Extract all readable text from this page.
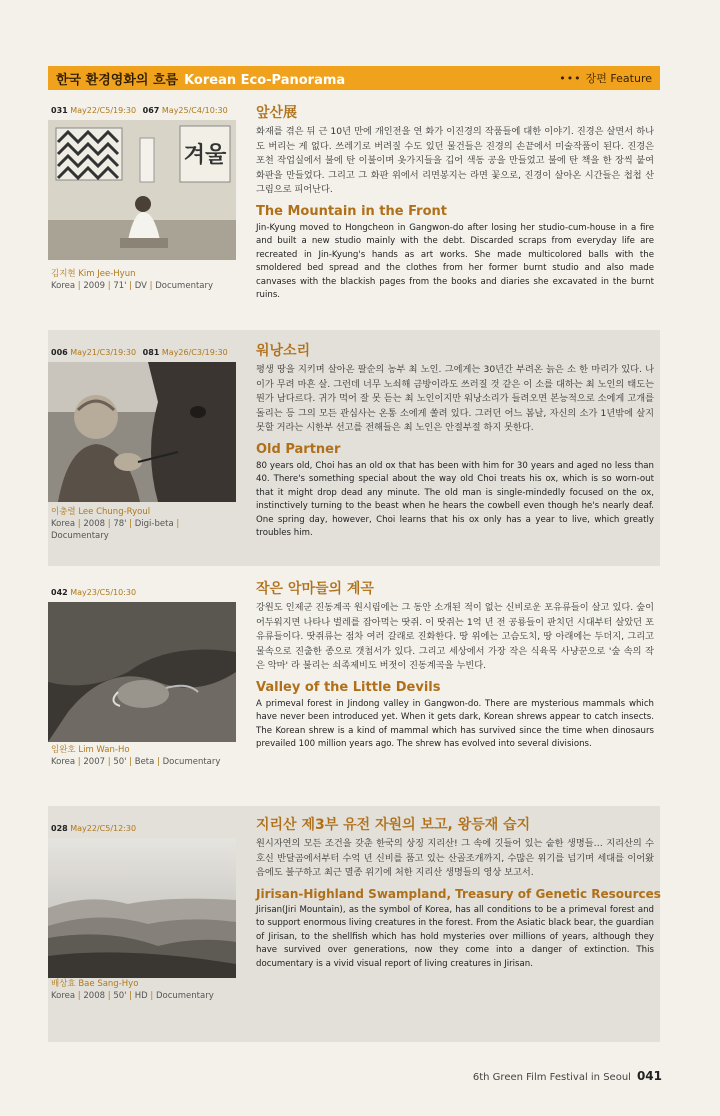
한국 환경영화의 흐름 Korean Eco-Panorama	••• 장편 Feature
031 May22/C5/19:30 067 May25/C4/10:30
겨울
김지현 Kim Jee-Hyun
Korea | 2009 | 71' | DV | Documentary
앞산展
화재를 겪은 뒤 근 10년 만에 개인전을 연 화가 이진경의 작품들에 대한 이야기. 진경은 살면서 하나도 버리는 게 없다. 쓰레기로 버려질 수도 있던 물건들은 진경의 손끝에서 미술작품이 된다. 진경은 포천 작업실에서 불에 탄 이불이며 옷가지들을 깁어 색동 공을 만들었고 불에 탄 책을 한 장씩 붙여 화판을 만들었다. 그리고 그 화판 위에서 리면봉지는 라면 꽃으로, 진경이 살아온 시간들은 첩첩 산 그림으로 피어난다.
The Mountain in the Front
Jin-Kyung moved to Hongcheon in Gangwon-do after losing her studio-cum-house in a fire and built a new studio mainly with the debt. Discarded scraps from everyday life are recreated in Jin-Kyung's hands as art works. She made multicolored balls with the smoldered bed spread and the clothes from her former burnt studio and also made canvases with the blackish pages from the books and diaries she excavated in the burnt ruins.
006 May21/C3/19:30 081 May26/C3/19:30
이충렬 Lee Chung-Ryoul
Korea | 2008 | 78' | Digi-beta |
Documentary
워낭소리
평생 땅을 지키며 살아온 팔순의 농부 최 노인. 그에게는 30년간 부려온 늙은 소 한 마리가 있다. 나이가 무려 마흔 살. 그런데 너무 노쇠해 금방이라도 쓰러질 것 같은 이 소를 대하는 최 노인의 태도는 뭔가 남다르다. 귀가 먹어 잘 못 듣는 최 노인이지만 워낭소리가 들려오면 본능적으로 소에게 고개를 돌리는 등 그의 모든 관심사는 온통 소에게 쏠려 있다. 그러던 어느 봄날, 자신의 소가 1년밖에 살지 못할 거라는 시한부 선고를 전해들은 최 노인은 안절부절 하지 못한다.
Old Partner
80 years old, Choi has an old ox that has been with him for 30 years and aged no less than 40. There's something special about the way old Choi treats his ox, which is so worn-out that it might drop dead any minute. The old man is single-mindedly focused on the ox, instinctively turning to the beast when he hears the cowbell even though he's nearly deaf. One spring day, however, Choi learns that his ox only has a year to live, which greatly troubles him.
042 May23/C5/10:30
임완호 Lim Wan-Ho
Korea | 2007 | 50' | Beta | Documentary
작은 악마들의 계곡
강원도 인제군 진동계곡 원시림에는 그 동안 소개된 적이 없는 신비로운 포유류들이 살고 있다. 숲이 어두워지면 나타나 벌레를 잡아먹는 땃쥐. 이 땃쥐는 1억 년 전 공룡들이 판치던 시대부터 살았던 포유류들이다. 땃쥐류는 점차 여러 갈래로 진화한다. 땅 위에는 고슴도치, 땅 아래에는 두더지, 그리고 물속으로 진출한 종으로 갯첨서가 있다. 그리고 세상에서 가장 작은 식육목 사냥꾼으로 '숲 속의 작은 악마' 라 불리는 쇠족제비도 버젓이 진동계곡을 누빈다.
Valley of the Little Devils
A primeval forest in Jindong valley in Gangwon-do. There are mysterious mammals which have never been introduced yet. When it gets dark, Korean shrews appear to catch insects. The Korean shrew is a kind of mammal which has survived since the time when dinosaurs prevailed 100 million years ago. The shrew has evolved into several divisions.
028 May22/C5/12:30
배상효 Bae Sang-Hyo
Korea | 2008 | 50' | HD | Documentary
지리산 제3부 유전 자원의 보고, 왕등재 습지
원시자연의 모든 조건을 갖춘 한국의 상징 지리산! 그 속에 깃들어 있는 숱한 생명들… 지리산의 수호신 반달곰에서부터 수억 년 신비를 품고 있는 산골조개까지, 수많은 위기를 넘기며 세대를 이어왔음에도 불구하고 최근 멸종 위기에 처한 지리산 생명들의 영상 보고서.
Jirisan-Highland Swampland, Treasury of Genetic Resources
Jirisan(Jiri Mountain), as the symbol of Korea, has all conditions to be a primeval forest and to support enormous living creatures in the forest. From the Asiatic black bear, the guardian of Jirisan, to the shellfish which has hold mysteries over millions of years, although they have survived over generations, now they come into a danger of extinction. This documentary is a vivid visual report of living creatures in Jirisan.
6th Green Film Festival in Seoul 041
